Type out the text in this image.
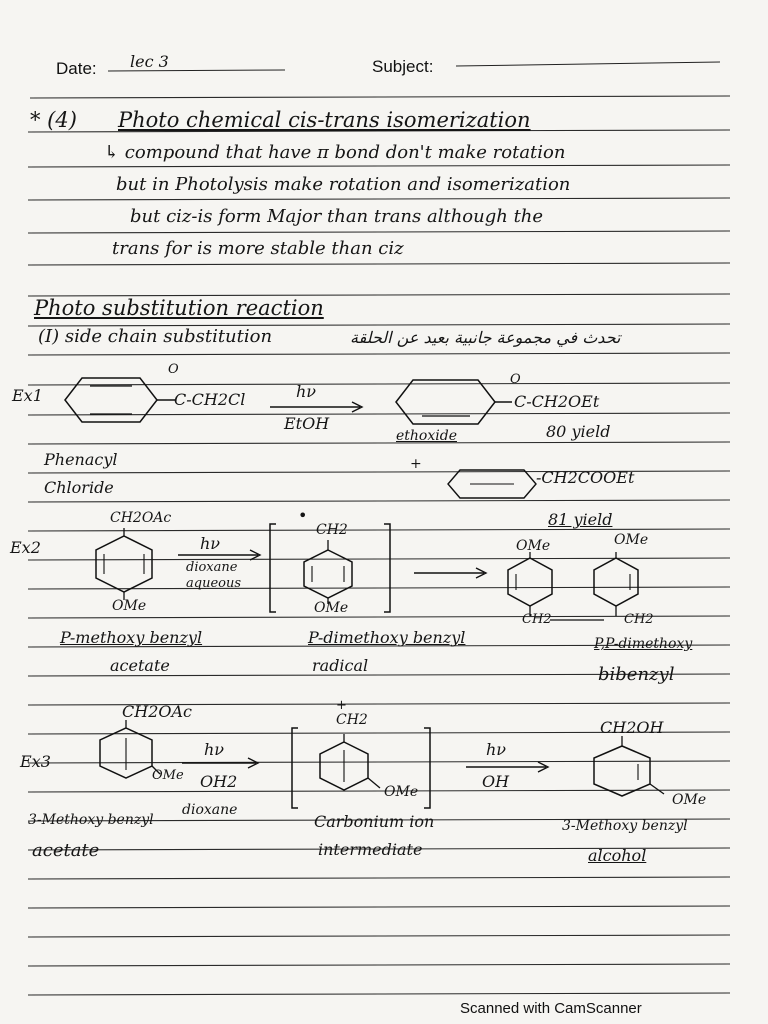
Date: lec 3	Subject:
* (4) Photo chemical cis-trans isomerization
↳ compound that have π bond don't make rotation
but in Photolysis make rotation and isomerization
but ciz-is form Major than trans although the
trans for is more stable than ciz
Photo substitution reaction
(I) side chain substitution	تحدث في مجموعة جانبية بعيد عن الحلقة
Ex1
O
C-CH2Cl	hν
EtOH
O
C-CH2OEt
ethoxide	80 yield
+
-CH2COOEt
81 yield
Phenacyl
Chloride
Ex2
CH2OAc
OMe
hν
dioxane
aqueous
•
CH2
OMe
OMe	OMe
CH2	CH2
P-methoxy benzyl
acetate
P-dimethoxy benzyl
radical
P,P-dimethoxy
bibenzyl
Ex3
CH2OAc
OMe
hν
OH2
dioxane
+
CH2
OMe
hν
OH
CH2OH
OMe
3-Methoxy benzyl
acetate
Carbonium ion
intermediate
3-Methoxy benzyl
alcohol
Scanned with CamScanner
